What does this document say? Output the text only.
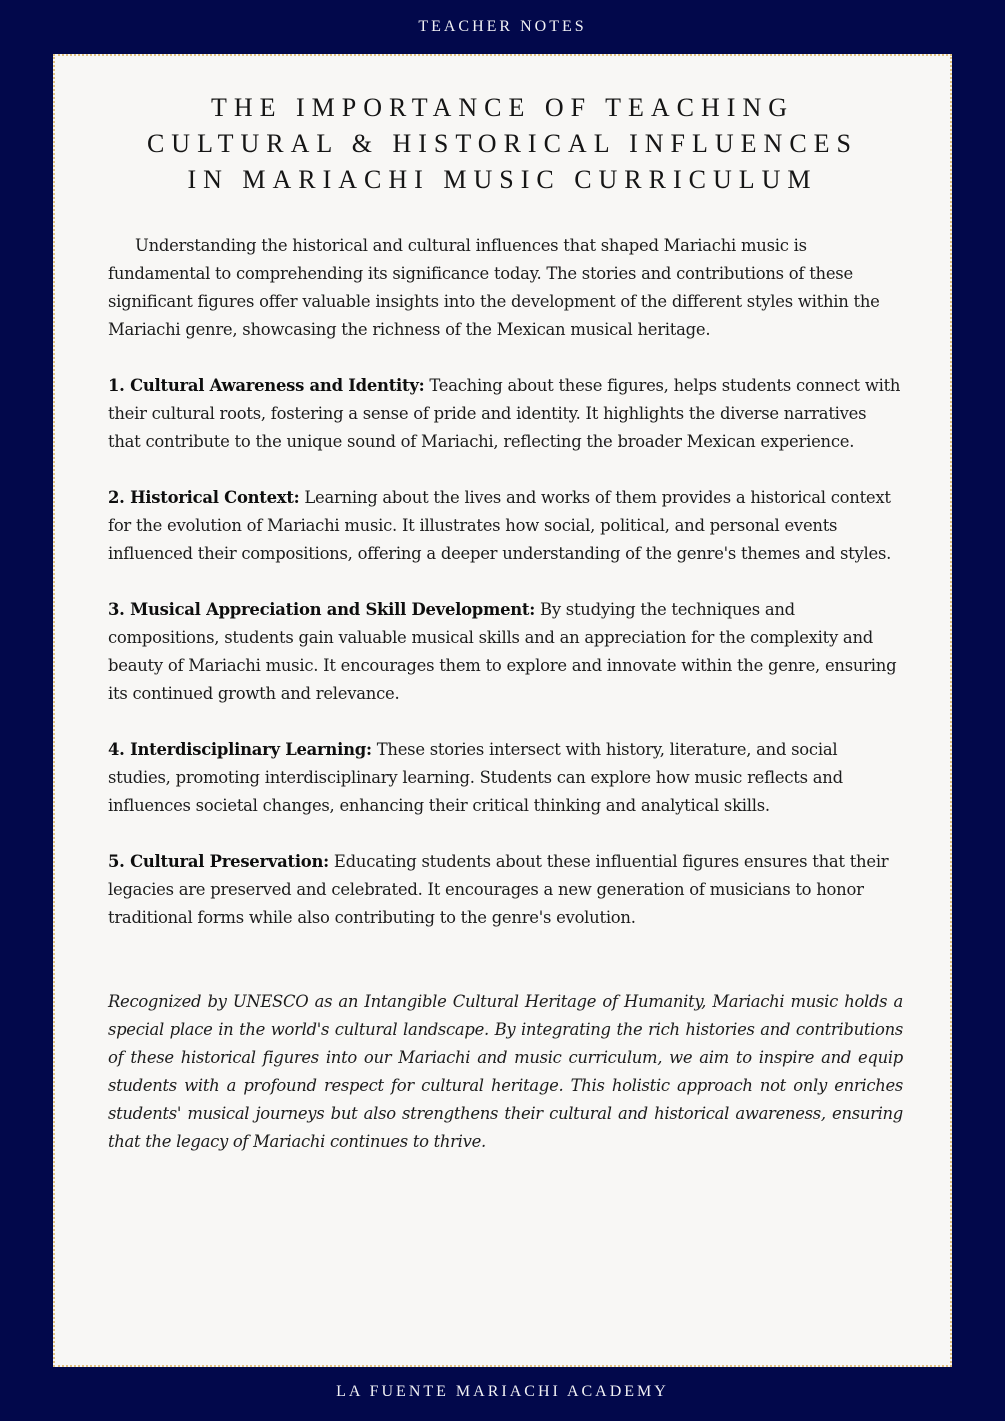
TEACHER NOTES
THE IMPORTANCE OF TEACHING
CULTURAL & HISTORICAL INFLUENCES
IN MARIACHI MUSIC CURRICULUM

Understanding the historical and cultural influences that shaped Mariachi music is fundamental to comprehending its significance today. The stories and contributions of these significant figures offer valuable insights into the development of the different styles within the Mariachi genre, showcasing the richness of the Mexican musical heritage.

1. Cultural Awareness and Identity: Teaching about these figures, helps students connect with their cultural roots, fostering a sense of pride and identity. It highlights the diverse narratives that contribute to the unique sound of Mariachi, reflecting the broader Mexican experience.

2. Historical Context: Learning about the lives and works of them provides a historical context for the evolution of Mariachi music. It illustrates how social, political, and personal events influenced their compositions, offering a deeper understanding of the genre's themes and styles.

3. Musical Appreciation and Skill Development: By studying the techniques and compositions, students gain valuable musical skills and an appreciation for the complexity and beauty of Mariachi music. It encourages them to explore and innovate within the genre, ensuring its continued growth and relevance.

4. Interdisciplinary Learning: These stories intersect with history, literature, and social studies, promoting interdisciplinary learning. Students can explore how music reflects and influences societal changes, enhancing their critical thinking and analytical skills.

5. Cultural Preservation: Educating students about these influential figures ensures that their legacies are preserved and celebrated. It encourages a new generation of musicians to honor traditional forms while also contributing to the genre's evolution.

Recognized by UNESCO as an Intangible Cultural Heritage of Humanity, Mariachi music holds a special place in the world's cultural landscape. By integrating the rich histories and contributions of these historical figures into our Mariachi and music curriculum, we aim to inspire and equip students with a profound respect for cultural heritage. This holistic approach not only enriches students' musical journeys but also strengthens their cultural and historical awareness, ensuring that the legacy of Mariachi continues to thrive.

LA FUENTE MARIACHI ACADEMY
